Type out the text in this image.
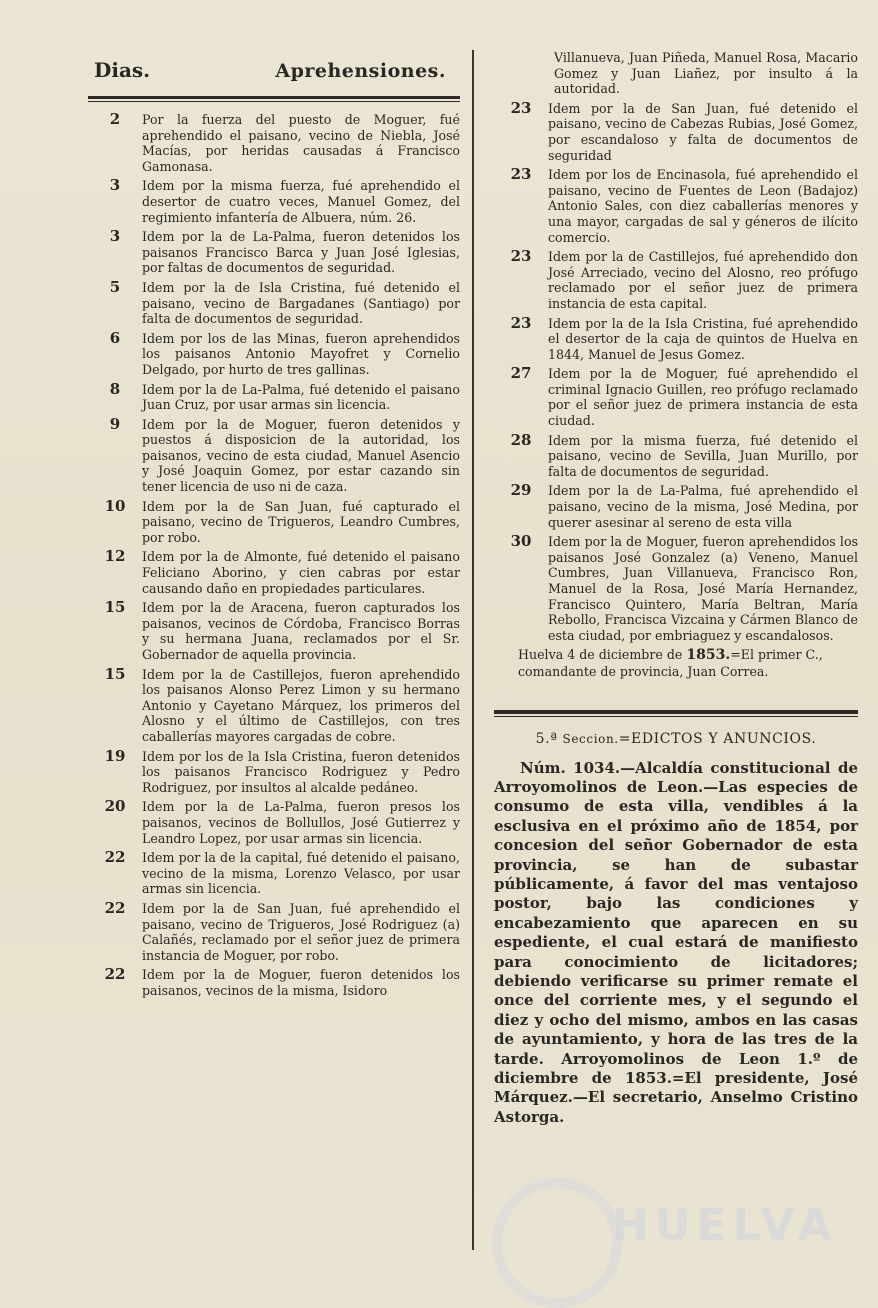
Dias.	Aprehensiones.
2	Por la fuerza del puesto de Moguer, fué aprehendido el paisano, vecino de Niebla, José Macías, por heridas causadas á Francisco Gamonasa.
3	Idem por la misma fuerza, fué aprehendido el desertor de cuatro veces, Manuel Gomez, del regimiento infantería de Albuera, núm. 26.
3	Idem por la de La-Palma, fueron detenidos los paisanos Francisco Barca y Juan José Iglesias, por faltas de documentos de seguridad.
5	Idem por la de Isla Cristina, fué detenido el paisano, vecino de Bargadanes (Santiago) por falta de documentos de seguridad.
6	Idem por los de las Minas, fueron aprehendidos los paisanos Antonio Mayofret y Cornelio Delgado, por hurto de tres gallinas.
8	Idem por la de La-Palma, fué detenido el paisano Juan Cruz, por usar armas sin licencia.
9	Idem por la de Moguer, fueron detenidos y puestos á disposicion de la autoridad, los paisanos, vecino de esta ciudad, Manuel Asencio y José Joaquin Gomez, por estar cazando sin tener licencia de uso ni de caza.
10	Idem por la de San Juan, fué capturado el paisano, vecino de Trigueros, Leandro Cumbres, por robo.
12	Idem por la de Almonte, fué detenido el paisano Feliciano Aborino, y cien cabras por estar causando daño en propiedades particulares.
15	Idem por la de Aracena, fueron capturados los paisanos, vecinos de Córdoba, Francisco Borras y su hermana Juana, reclamados por el Sr. Gobernador de aquella provincia.
15	Idem por la de Castillejos, fueron aprehendido los paisanos Alonso Perez Limon y su hermano Antonio y Cayetano Márquez, los primeros del Alosno y el último de Castillejos, con tres caballerías mayores cargadas de cobre.
19	Idem por los de la Isla Cristina, fueron detenidos los paisanos Francisco Rodriguez y Pedro Rodriguez, por insultos al alcalde pedáneo.
20	Idem por la de La-Palma, fueron presos los paisanos, vecinos de Bollullos, José Gutierrez y Leandro Lopez, por usar armas sin licencia.
22	Idem por la de la capital, fué detenido el paisano, vecino de la misma, Lorenzo Velasco, por usar armas sin licencia.
22	Idem por la de San Juan, fué aprehendido el paisano, vecino de Trigueros, José Rodriguez (a) Calañés, reclamado por el señor juez de primera instancia de Moguer, por robo.
22	Idem por la de Moguer, fueron detenidos los paisanos, vecinos de la misma, Isidoro
Villanueva, Juan Piñeda, Manuel Rosa, Macario Gomez y Juan Liañez, por insulto á la autoridad.
23	Idem por la de San Juan, fué detenido el paisano, vecino de Cabezas Rubias, José Gomez, por escandaloso y falta de documentos de seguridad
23	Idem por los de Encinasola, fué aprehendido el paisano, vecino de Fuentes de Leon (Badajoz) Antonio Sales, con diez caballerías menores y una mayor, cargadas de sal y géneros de ilícito comercio.
23	Idem por la de Castillejos, fué aprehendido don José Arreciado, vecino del Alosno, reo prófugo reclamado por el señor juez de primera instancia de esta capital.
23	Idem por la de la Isla Cristina, fué aprehendido el desertor de la caja de quintos de Huelva en 1844, Manuel de Jesus Gomez.
27	Idem por la de Moguer, fué aprehendido el criminal Ignacio Guillen, reo prófugo reclamado por el señor juez de primera instancia de esta ciudad.
28	Idem por la misma fuerza, fué detenido el paisano, vecino de Sevilla, Juan Murillo, por falta de documentos de seguridad.
29	Idem por la de La-Palma, fué aprehendido el paisano, vecino de la misma, José Medina, por querer asesinar al sereno de esta villa
30	Idem por la de Moguer, fueron aprehendidos los paisanos José Gonzalez (a) Veneno, Manuel Cumbres, Juan Villanueva, Francisco Ron, Manuel de la Rosa, José María Hernandez, Francisco Quintero, María Beltran, María Rebollo, Francisca Vizcaina y Cármen Blanco de esta ciudad, por embriaguez y escandalosos.
Huelva 4 de diciembre de 1853.=El primer C., comandante de provincia, Juan Correa.
5.ª Seccion.=EDICTOS Y ANUNCIOS.
Núm. 1034.—Alcaldía constitucional de Arroyomolinos de Leon.—Las especies de consumo de esta villa, vendibles á la esclusiva en el próximo año de 1854, por concesion del señor Gobernador de esta provincia, se han de subastar públicamente, á favor del mas ventajoso postor, bajo las condiciones y encabezamiento que aparecen en su espediente, el cual estará de manifiesto para conocimiento de licitadores; debiendo verificarse su primer remate el once del corriente mes, y el segundo el diez y ocho del mismo, ambos en las casas de ayuntamiento, y hora de las tres de la tarde. Arroyomolinos de Leon 1.º de diciembre de 1853.=El presidente, José Márquez.—El secretario, Anselmo Cristino Astorga.
HUELVA
